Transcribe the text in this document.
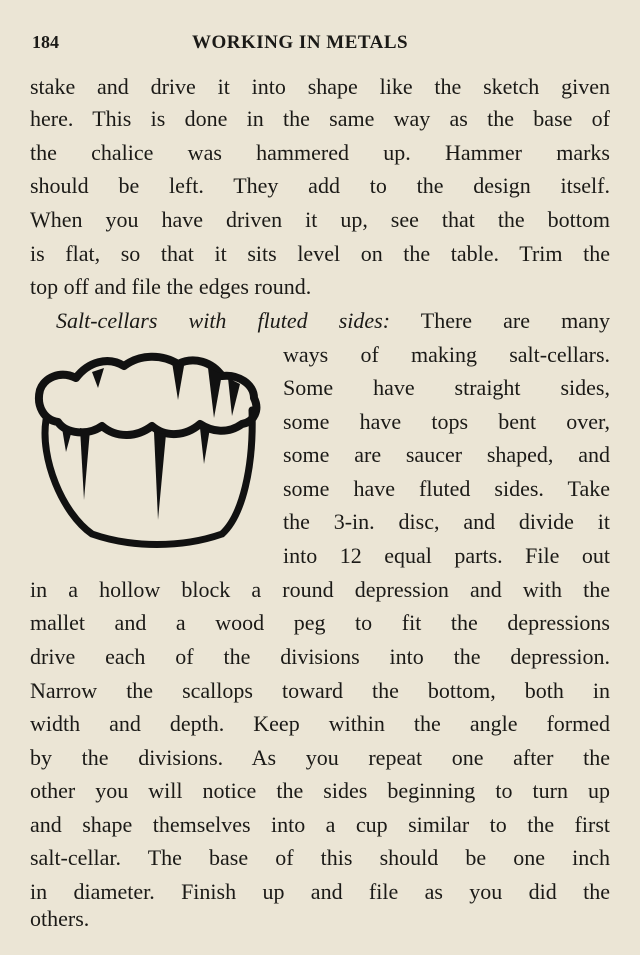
184	WORKING IN METALS
stake and drive it into shape like the sketch given
here. This is done in the same way as the base of
the chalice was hammered up. Hammer marks
should be left. They add to the design itself.
When you have driven it up, see that the bottom
is flat, so that it sits level on the table. Trim the
top off and file the edges round.
Salt-cellars with fluted sides: There are many
ways of making salt-cellars.
Some have straight sides,
some have tops bent over,
some are saucer shaped, and
some have fluted sides. Take
the 3-in. disc, and divide it
into 12 equal parts. File out
in a hollow block a round depression and with the
mallet and a wood peg to fit the depressions
drive each of the divisions into the depression.
Narrow the scallops toward the bottom, both in
width and depth. Keep within the angle formed
by the divisions. As you repeat one after the
other you will notice the sides beginning to turn up
and shape themselves into a cup similar to the first
salt-cellar. The base of this should be one inch
in diameter. Finish up and file as you did the
others.
